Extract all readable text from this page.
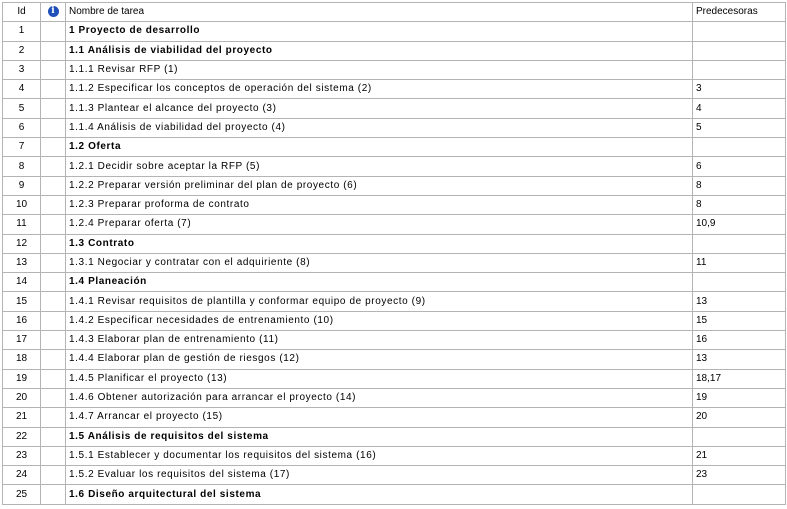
Id	i	Nombre de tarea	Predecesoras
1		1 Proyecto de desarrollo	
2		1.1 Análisis de viabilidad del proyecto	
3		1.1.1 Revisar RFP (1)	
4		1.1.2 Especificar los conceptos de operación del sistema (2)	3
5		1.1.3 Plantear el alcance del proyecto (3)	4
6		1.1.4 Análisis de viabilidad del proyecto (4)	5
7		1.2 Oferta	
8		1.2.1 Decidir sobre aceptar la RFP (5)	6
9		1.2.2 Preparar versión preliminar del plan de proyecto (6)	8
10		1.2.3 Preparar proforma de contrato	8
11		1.2.4 Preparar oferta (7)	10,9
12		1.3 Contrato	
13		1.3.1 Negociar y contratar con el adquiriente (8)	11
14		1.4 Planeación	
15		1.4.1 Revisar requisitos de plantilla y conformar equipo de proyecto (9)	13
16		1.4.2 Especificar necesidades de entrenamiento (10)	15
17		1.4.3 Elaborar plan de entrenamiento (11)	16
18		1.4.4 Elaborar plan de gestión de riesgos (12)	13
19		1.4.5 Planificar el proyecto (13)	18,17
20		1.4.6 Obtener autorización para arrancar el proyecto (14)	19
21		1.4.7 Arrancar el proyecto (15)	20
22		1.5 Análisis de requisitos del sistema	
23		1.5.1 Establecer y documentar los requisitos del sistema (16)	21
24		1.5.2 Evaluar los requisitos del sistema (17)	23
25		1.6 Diseño arquitectural del sistema	
